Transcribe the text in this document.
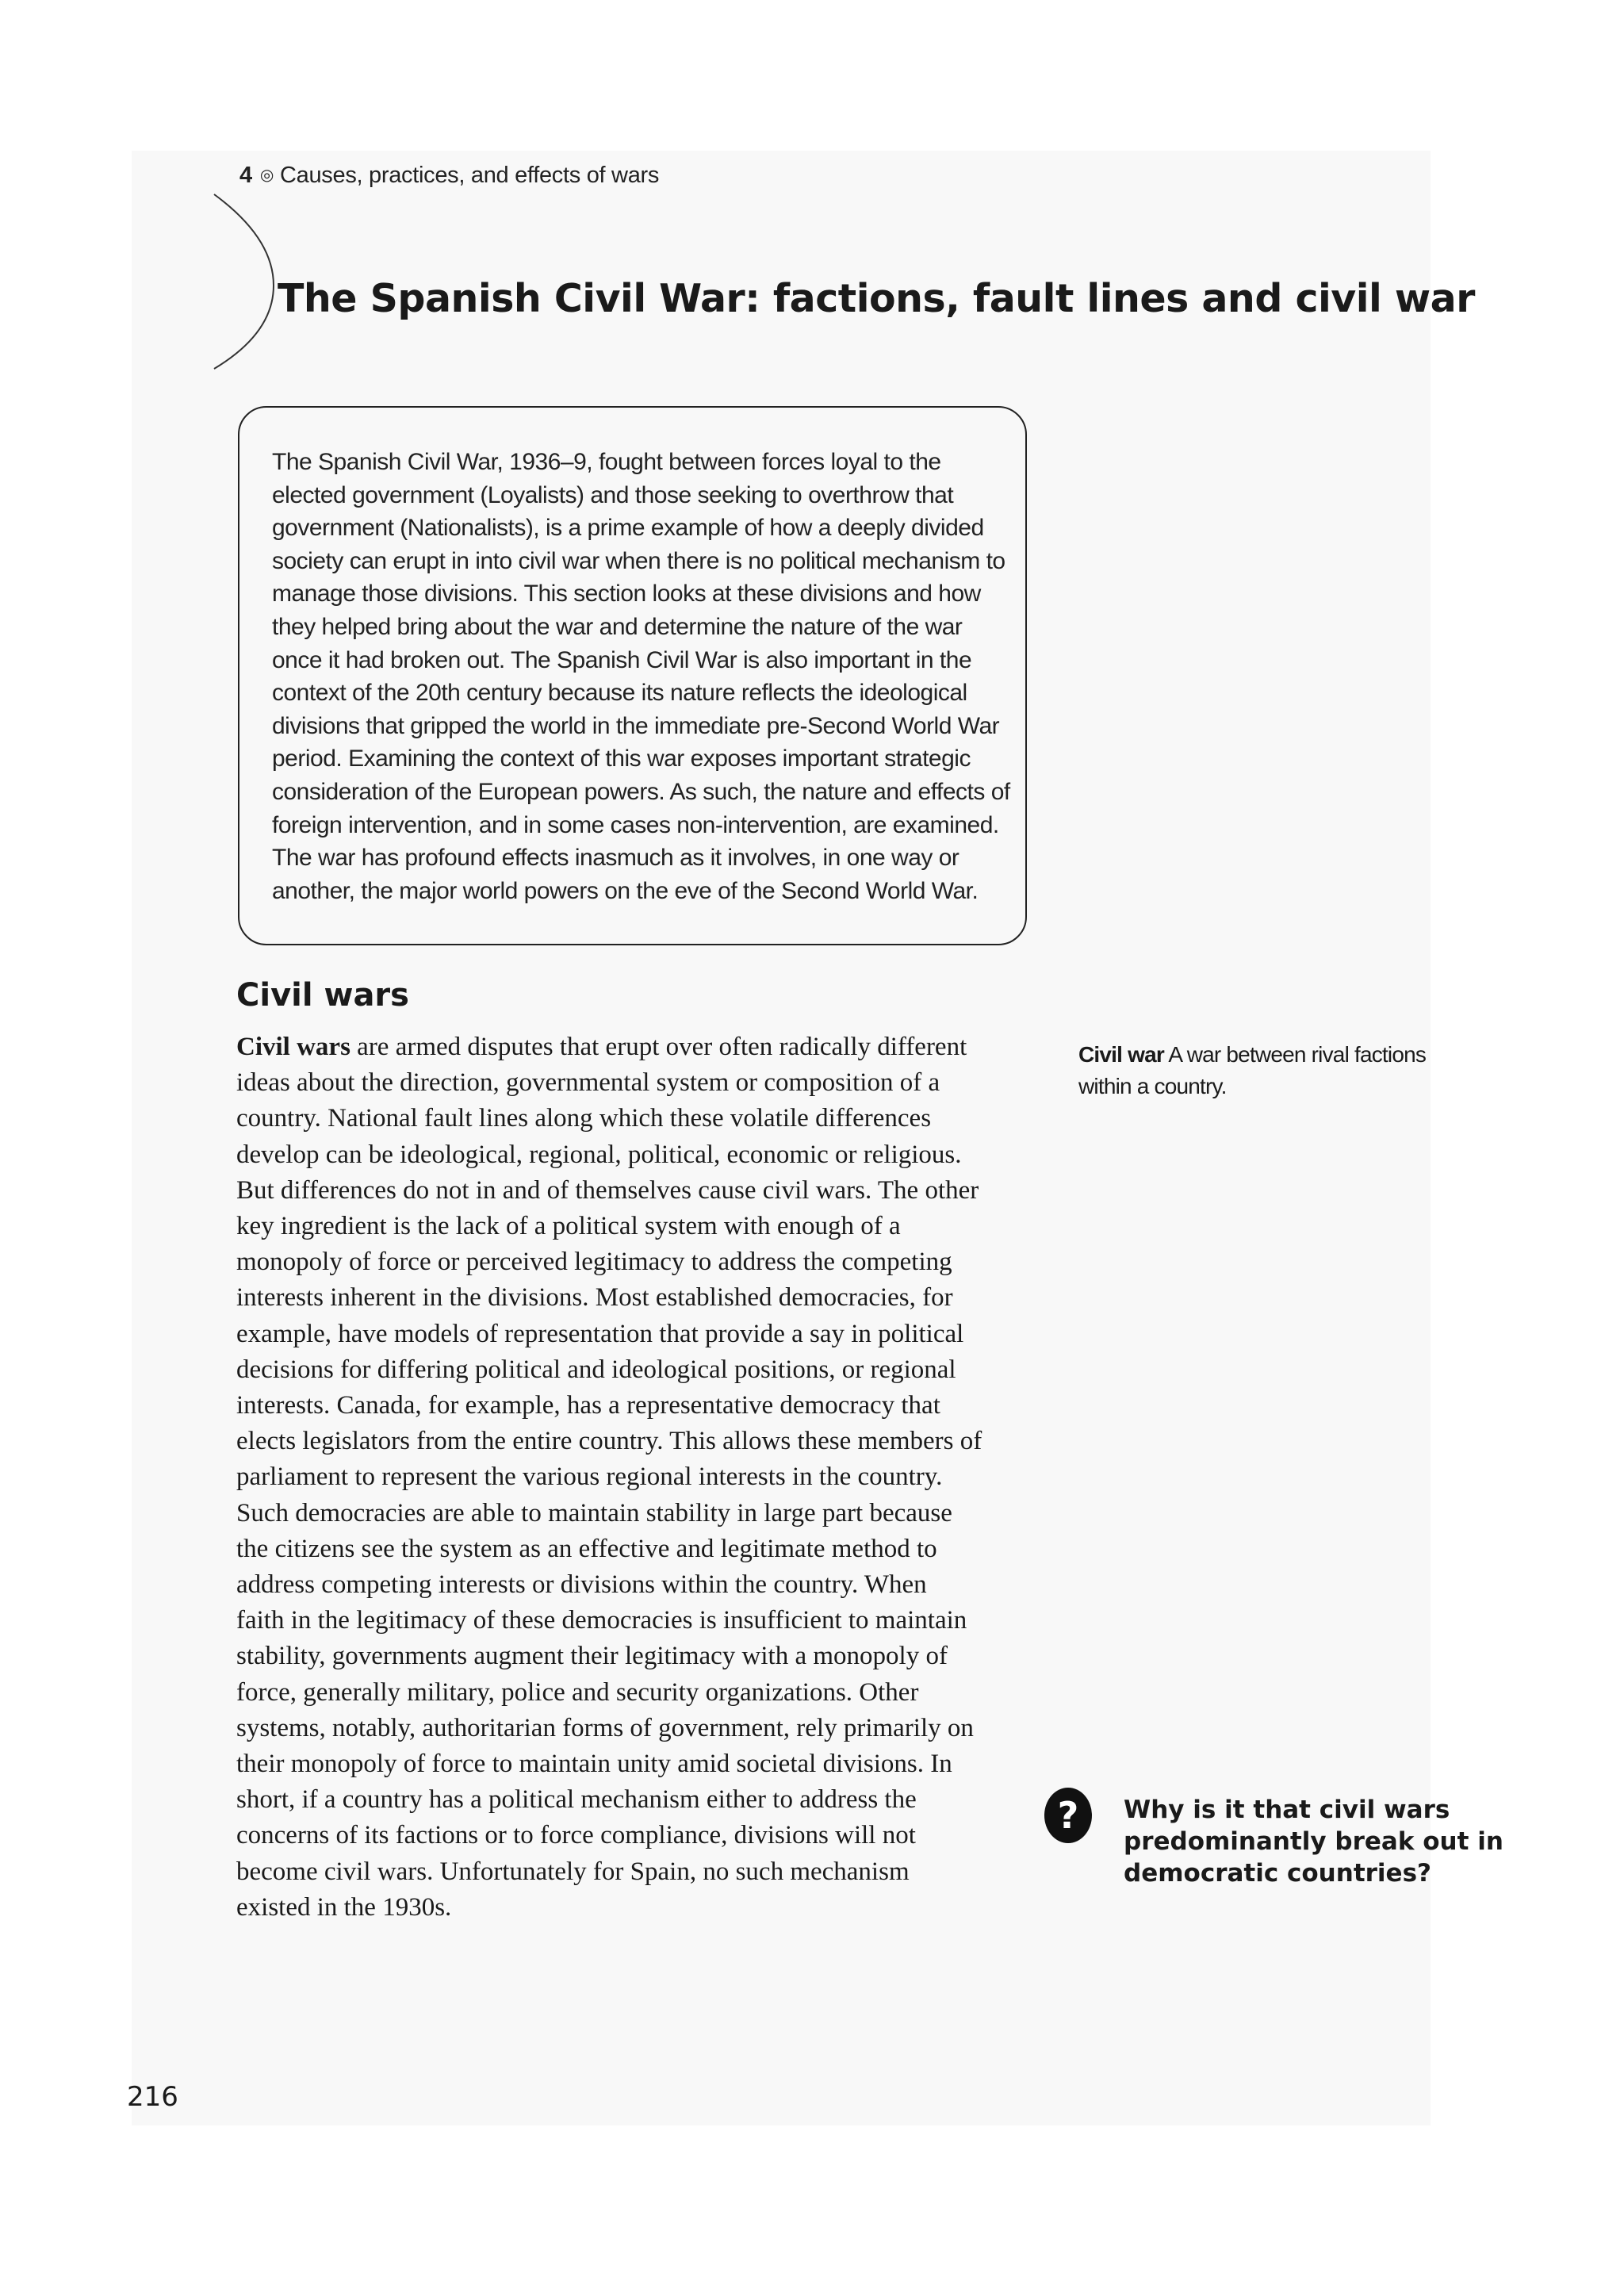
4 ◎ Causes, practices, and effects of wars
The Spanish Civil War: factions, fault lines and civil war
The Spanish Civil War, 1936–9, fought between forces loyal to the
elected government (Loyalists) and those seeking to overthrow that
government (Nationalists), is a prime example of how a deeply divided
society can erupt in into civil war when there is no political mechanism to
manage those divisions. This section looks at these divisions and how
they helped bring about the war and determine the nature of the war
once it had broken out. The Spanish Civil War is also important in the
context of the 20th century because its nature reflects the ideological
divisions that gripped the world in the immediate pre-Second World War
period. Examining the context of this war exposes important strategic
consideration of the European powers. As such, the nature and effects of
foreign intervention, and in some cases non-intervention, are examined.
The war has profound effects inasmuch as it involves, in one way or
another, the major world powers on the eve of the Second World War.
Civil wars
Civil wars are armed disputes that erupt over often radically different
ideas about the direction, governmental system or composition of a
country. National fault lines along which these volatile differences
develop can be ideological, regional, political, economic or religious.
But differences do not in and of themselves cause civil wars. The other
key ingredient is the lack of a political system with enough of a
monopoly of force or perceived legitimacy to address the competing
interests inherent in the divisions. Most established democracies, for
example, have models of representation that provide a say in political
decisions for differing political and ideological positions, or regional
interests. Canada, for example, has a representative democracy that
elects legislators from the entire country. This allows these members of
parliament to represent the various regional interests in the country.
Such democracies are able to maintain stability in large part because
the citizens see the system as an effective and legitimate method to
address competing interests or divisions within the country. When
faith in the legitimacy of these democracies is insufficient to maintain
stability, governments augment their legitimacy with a monopoly of
force, generally military, police and security organizations. Other
systems, notably, authoritarian forms of government, rely primarily on
their monopoly of force to maintain unity amid societal divisions. In
short, if a country has a political mechanism either to address the
concerns of its factions or to force compliance, divisions will not
become civil wars. Unfortunately for Spain, no such mechanism
existed in the 1930s.
Civil war A war between rival factions
within a country.
? Why is it that civil wars
predominantly break out in
democratic countries?
216
